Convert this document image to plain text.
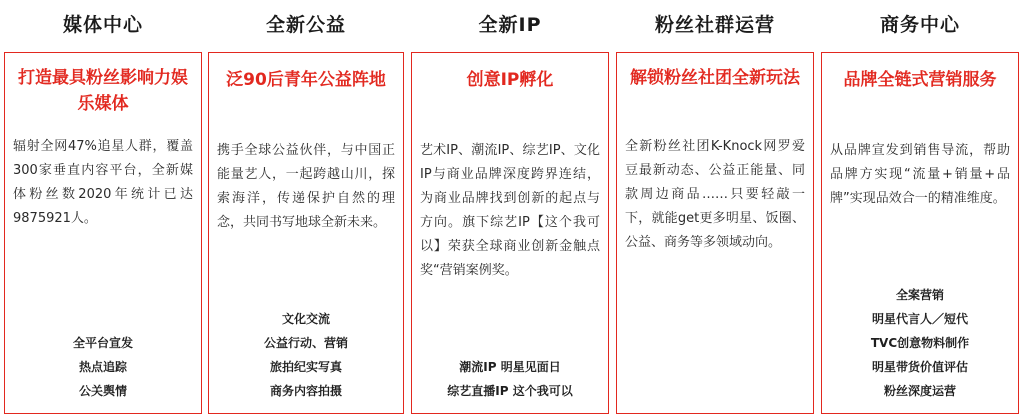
媒体中心
打造最具粉丝影响力娱乐媒体
辐射全网47%追星人群，覆盖300家垂直内容平台，全新媒体粉丝数2020年统计已达9875921人。
全平台宣发
热点追踪
公关舆情
全新公益
泛90后青年公益阵地
携手全球公益伙伴，与中国正能量艺人，一起跨越山川，探索海洋，传递保护自然的理念，共同书写地球全新未来。
文化交流
公益行动、营销
旅拍纪实写真
商务内容拍摄
全新IP
创意IP孵化
艺术IP、潮流IP、综艺IP、文化IP与商业品牌深度跨界连结，为商业品牌找到创新的起点与方向。旗下综艺IP【这个我可以】荣获全球商业创新金触点奖“营销案例奖。
潮流IP 明星见面日
综艺直播IP 这个我可以
粉丝社群运营
解锁粉丝社团全新玩法
全新粉丝社团K-Knock网罗爱豆最新动态、公益正能量、同款周边商品……只要轻敲一下，就能get更多明星、饭圈、公益、商务等多领域动向。
商务中心
品牌全链式营销服务
从品牌宣发到销售导流，帮助品牌方实现“流量+销量+品牌”实现品效合一的精准维度。
全案营销
明星代言人／短代
TVC创意物料制作
明星带货价值评估
粉丝深度运营
